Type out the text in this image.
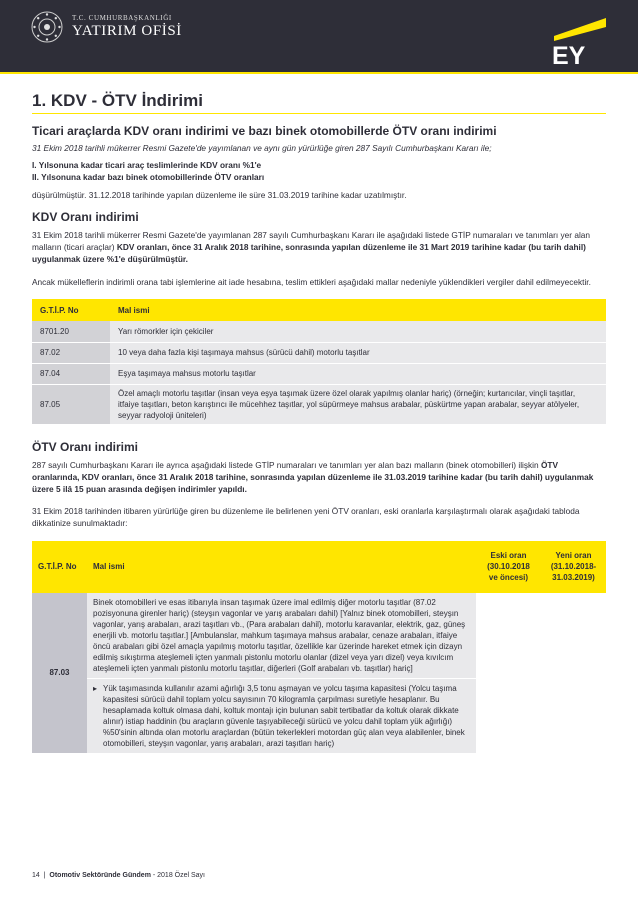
T.C. CUMHURBAŞKANLIĞI
YATIRIM OFİSİ
EY
1. KDV - ÖTV İndirimi
Ticari araçlarda KDV oranı indirimi ve bazı binek otomobillerde ÖTV oranı indirimi
31 Ekim 2018 tarihli mükerrer Resmi Gazete'de yayımlanan ve aynı gün yürürlüğe giren 287 Sayılı Cumhurbaşkanı Kararı ile;
I. Yılsonuna kadar ticari araç teslimlerinde KDV oranı %1'e
II. Yılsonuna kadar bazı binek otomobillerinde ÖTV oranları

düşürülmüştür. 31.12.2018 tarihinde yapılan düzenleme ile süre 31.03.2019 tarihine kadar uzatılmıştır.

KDV Oranı indirimi

31 Ekim 2018 tarihli mükerrer Resmi Gazete'de yayımlanan 287 sayılı Cumhurbaşkanı Kararı ile aşağıdaki listede GTİP numaraları ve tanımları yer alan malların (ticari araçlar) KDV oranları, önce 31 Aralık 2018 tarihine, sonrasında yapılan düzenleme ile 31 Mart 2019 tarihine kadar (bu tarih dahil) uygulanmak üzere %1'e düşürülmüştür.

Ancak mükelleflerin indirimli orana tabi işlemlerine ait iade hesabına, teslim ettikleri aşağıdaki mallar nedeniyle yüklendikleri vergiler dahil edilmeyecektir.

G.T.İ.P. No	Mal ismi
8701.20	Yarı römorkler için çekiciler
87.02	10 veya daha fazla kişi taşımaya mahsus (sürücü dahil) motorlu taşıtlar
87.04	Eşya taşımaya mahsus motorlu taşıtlar
87.05	Özel amaçlı motorlu taşıtlar (insan veya eşya taşımak üzere özel olarak yapılmış olanlar hariç) (örneğin; kurtarıcılar, vinçli taşıtlar, itfaiye taşıtları, beton karıştırıcı ile mücehhez taşıtlar, yol süpürmeye mahsus arabalar, püskürtme yapan arabalar, seyyar atölyeler, seyyar radyoloji üniteleri)
ÖTV Oranı indirimi

287 sayılı Cumhurbaşkanı Kararı ile ayrıca aşağıdaki listede GTİP numaraları ve tanımları yer alan bazı malların (binek otomobilleri) ilişkin ÖTV oranlarında, KDV oranları, önce 31 Aralık 2018 tarihine, sonrasında yapılan düzenleme ile 31.03.2019 tarihine kadar (bu tarih dahil) uygulanmak üzere 5 ilâ 15 puan arasında değişen indirimler yapıldı.

31 Ekim 2018 tarihinden itibaren yürürlüğe giren bu düzenleme ile belirlenen yeni ÖTV oranları, eski oranlarla karşılaştırmalı olarak aşağıdaki tabloda dikkatinize sunulmaktadır:

G.T.İ.P. No	Mal ismi	Eski oran (30.10.2018 ve öncesi)	Yeni oran (31.10.2018- 31.03.2019)
87.03	Binek otomobilleri ve esas itibarıyla insan taşımak üzere imal edilmiş diğer motorlu taşıtlar (87.02 pozisyonuna girenler hariç) (steyşın vagonlar ve yarış arabaları dahil) [Yalnız binek otomobilleri, steyşın vagonlar, yarış arabaları, arazi taşıtları vb., (Para arabaları dahil), motorlu karavanlar, elektrik, gaz, güneş enerjili vb. motorlu taşıtlar.] [Ambulanslar, mahkum taşımaya mahsus arabalar, cenaze arabaları, itfaiye öncü arabaları gibi özel amaçla yapılmış motorlu taşıtlar, özellikle kar üzerinde hareket etmek için dizayn edilmiş sıkıştırma ateşlemeli içten yanmalı pistonlu motorlu olanlar (dizel veya yarı dizel) veya kıvılcım ateşlemeli içten yanmalı pistonlu motorlu taşıtlar, diğerleri (Golf arabaları vb. taşıtlar) hariç]		

	▸ Yük taşımasında kullanılır azami ağırlığı 3,5 tonu aşmayan ve yolcu taşıma kapasitesi (Yolcu taşıma kapasitesi sürücü dahil toplam yolcu sayısının 70 kilogramla çarpılması suretiyle hesaplanır. Bu hesaplamada koltuk olmasa dahi, koltuk montajı için bulunan sabit tertibatlar da koltuk olarak dikkate alınır) istiap haddinin (bu araçların güvenle taşıyabileceği sürücü ve yolcu dahil toplam yük ağırlığı) %50'sinin altında olan motorlu araçlardan (bütün tekerlekleri motordan güç alan veya alabilenler, binek otomobilleri, steyşın vagonlar, yarış arabaları, arazi taşıtları hariç)

14 | Otomotiv Sektöründe Gündem - 2018 Özel Sayı
